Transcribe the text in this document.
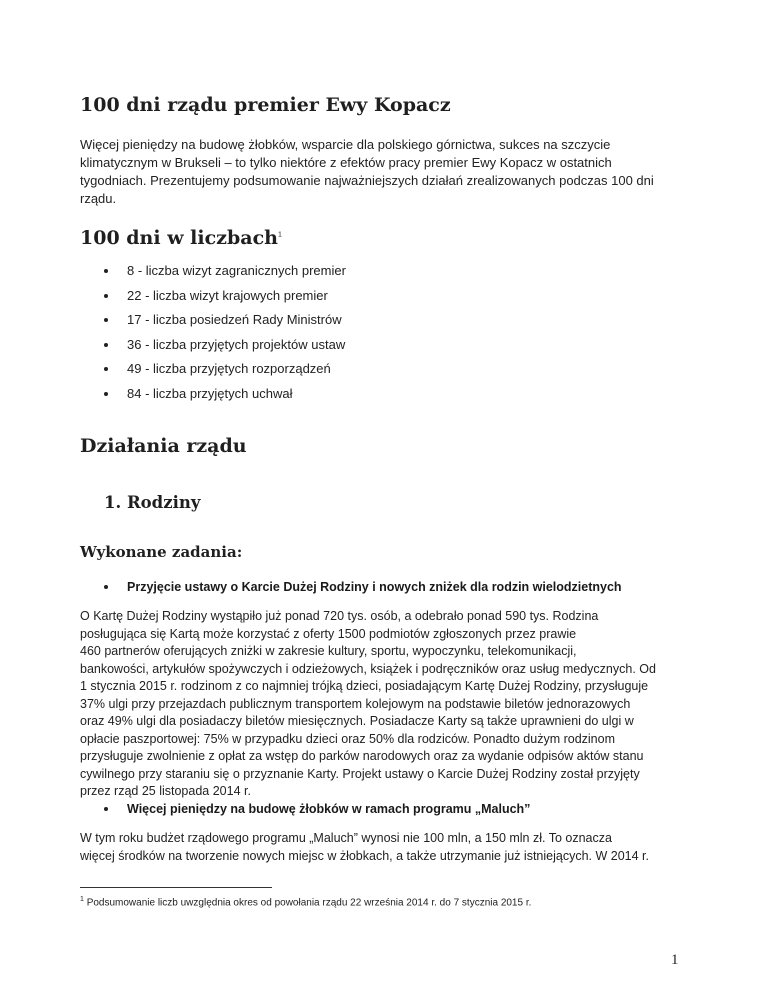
100 dni rządu premier Ewy Kopacz
Więcej pieniędzy na budowę żłobków, wsparcie dla polskiego górnictwa, sukces na szczycie
klimatycznym w Brukseli – to tylko niektóre z efektów pracy premier Ewy Kopacz w ostatnich
tygodniach. Prezentujemy podsumowanie najważniejszych działań zrealizowanych podczas 100 dni
rządu.
100 dni w liczbach$^1$
8 - liczba wizyt zagranicznych premier
22 - liczba wizyt krajowych premier
17 - liczba posiedzeń Rady Ministrów
36 - liczba przyjętych projektów ustaw
49 - liczba przyjętych rozporządzeń
84 - liczba przyjętych uchwał
Działania rządu
1. Rodziny
Wykonane zadania:

Przyjęcie ustawy o Karcie Dużej Rodziny i nowych zniżek dla rodzin wielodzietnych

O Kartę Dużej Rodziny wystąpiło już ponad 720 tys. osób, a odebrało ponad 590 tys. Rodzina
posługująca się Kartą może korzystać z oferty 1500 podmiotów zgłoszonych przez prawie
460 partnerów oferujących zniżki w zakresie kultury, sportu, wypoczynku, telekomunikacji,
bankowości, artykułów spożywczych i odzieżowych, książek i podręczników oraz usług medycznych. Od
1 stycznia 2015 r. rodzinom z co najmniej trójką dzieci, posiadającym Kartę Dużej Rodziny, przysługuje
37% ulgi przy przejazdach publicznym transportem kolejowym na podstawie biletów jednorazowych
oraz 49% ulgi dla posiadaczy biletów miesięcznych. Posiadacze Karty są także uprawnieni do ulgi w
opłacie paszportowej: 75% w przypadku dzieci oraz 50% dla rodziców. Ponadto dużym rodzinom
przysługuje zwolnienie z opłat za wstęp do parków narodowych oraz za wydanie odpisów aktów stanu
cywilnego przy staraniu się o przyznanie Karty. Projekt ustawy o Karcie Dużej Rodziny został przyjęty
przez rząd 25 listopada 2014 r.

Więcej pieniędzy na budowę żłobków w ramach programu „Maluch”

W tym roku budżet rządowego programu „Maluch” wynosi nie 100 mln, a 150 mln zł. To oznacza
więcej środków na tworzenie nowych miejsc w żłobkach, a także utrzymanie już istniejących. W 2014 r.

$^1$ Podsumowanie liczb uwzględnia okres od powołania rządu 22 września 2014 r. do 7 stycznia 2015 r.

1
